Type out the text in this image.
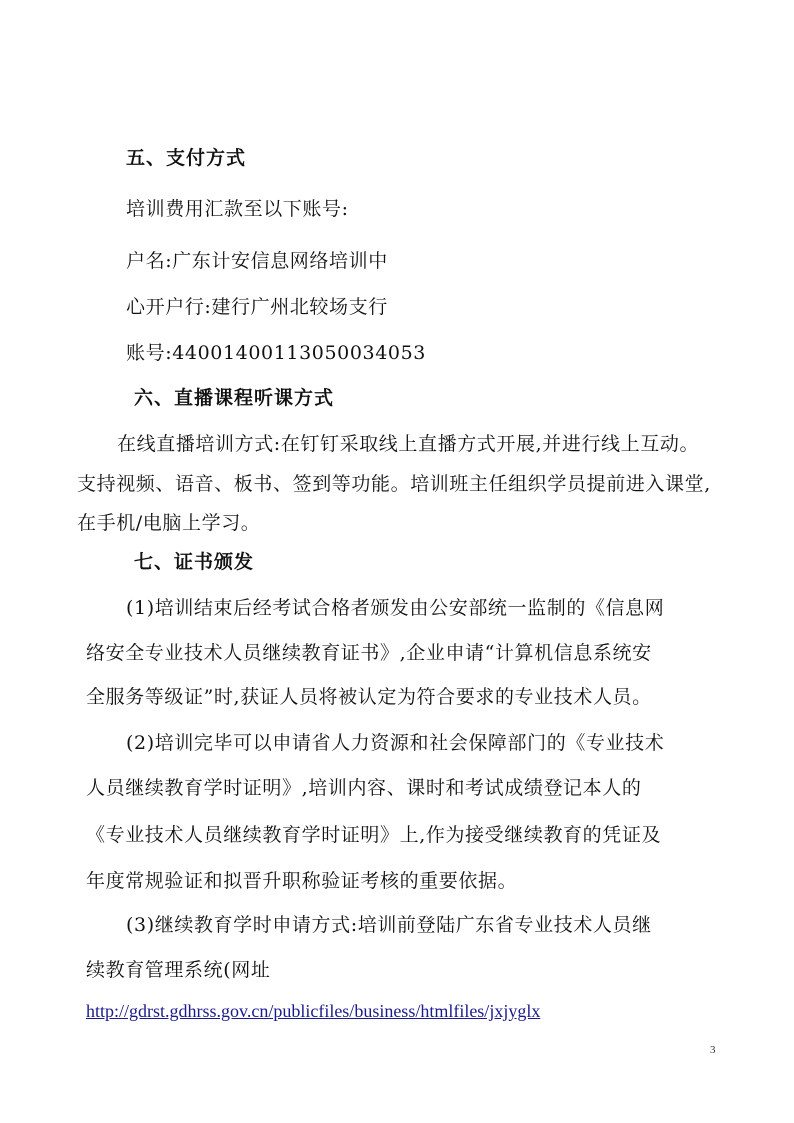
五、支付方式
培训费用汇款至以下账号:
户名:广东计安信息网络培训中
心开户行:建行广州北较场支行
账号:44001400113050034053
六、直播课程听课方式
在线直播培训方式:在钉钉采取线上直播方式开展,并进行线上互动。
支持视频、语音、板书、签到等功能。培训班主任组织学员提前进入课堂,
在手机/电脑上学习。
七、证书颁发
(1)培训结束后经考试合格者颁发由公安部统一监制的《信息网
络安全专业技术人员继续教育证书》,企业申请“计算机信息系统安
全服务等级证”时,获证人员将被认定为符合要求的专业技术人员。
(2)培训完毕可以申请省人力资源和社会保障部门的《专业技术
人员继续教育学时证明》,培训内容、课时和考试成绩登记本人的
《专业技术人员继续教育学时证明》上,作为接受继续教育的凭证及
年度常规验证和拟晋升职称验证考核的重要依据。
(3)继续教育学时申请方式:培训前登陆广东省专业技术人员继
续教育管理系统(网址
http://gdrst.gdhrss.gov.cn/publicfiles/business/htmlfiles/jxjyglx
3
